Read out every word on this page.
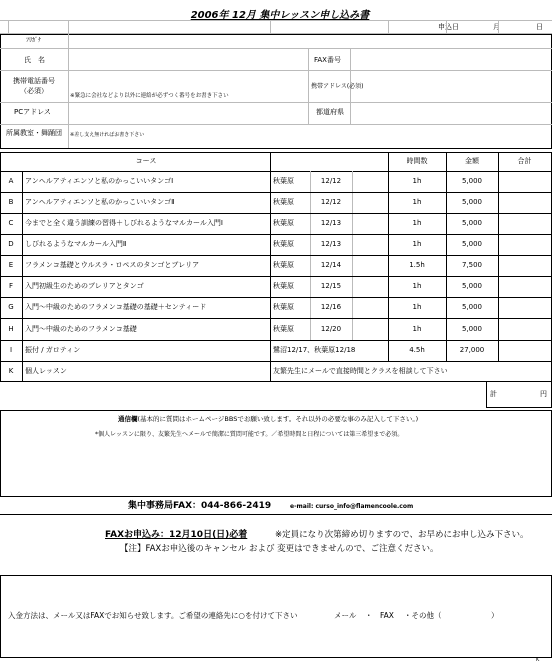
2006年 12月 集中レッスン申し込み書
申込日	月	日
ﾌﾘｶﾞﾅ
氏　名	FAX番号
携帯電話番号
（必須）
※緊急に会社などより以外に連絡が必ずつく番号をお書き下さい
携帯アドレス(必須)
PCアドレス	都道府県
所属教室・舞踊団 ※差し支え無ければお書き下さい
コース	時間数	金額	合計
A	アンヘルアティエンソと私のかっこいいタンゴⅠ	秋葉原	12/12	1h	5,000
B	アンヘルアティエンソと私のかっこいいタンゴⅡ	秋葉原	12/12	1h	5,000
C	今までと全く違う訓練の習得＋しびれるようなマルカール入門Ⅰ	秋葉原	12/13	1h	5,000
D	しびれるようなマルカール入門Ⅱ	秋葉原	12/13	1h	5,000
E	フラメンコ基礎とウルスラ・ロペスのタンゴとブレリア	秋葉原	12/14	1.5h	7,500
F	入門初級生のためのブレリアとタンゴ	秋葉原	12/15	1h	5,000
G	入門～中級のためのフラメンコ基礎の基礎＋センティード	秋葉原	12/16	1h	5,000
H	入門～中級のためのフラメンコ基礎	秋葉原	12/20	1h	5,000
I	振付 / ガロティン	鷺沼12/17、秋葉原12/18	4.5h	27,000
K	個人レッスン	友繁先生にメールで直接時間とクラスを相談して下さい
計	円
通信欄(基本的に質問はホームページBBSでお願い致します。それ以外の必要な事のみ記入して下さい。)
*個人レッスンに限り、友繁先生へメールで簡潔に質問可能です。／希望時間と日程については第三希望まで必須。
集中事務局FAX：044-866-2419	e-mail: curso_info@flamencoole.com
FAXお申込み：12月10日(日)必着	※定員になり次第締め切りますので、お早めにお申し込み下さい。
【注】FAXお申込後のキャンセル および 変更はできませんので、ご注意ください。
入金方法は、メール又はFAXでお知らせ致します。ご希望の連絡先に○を付けて下さい	メール ・ FAX ・その他（	）
K
